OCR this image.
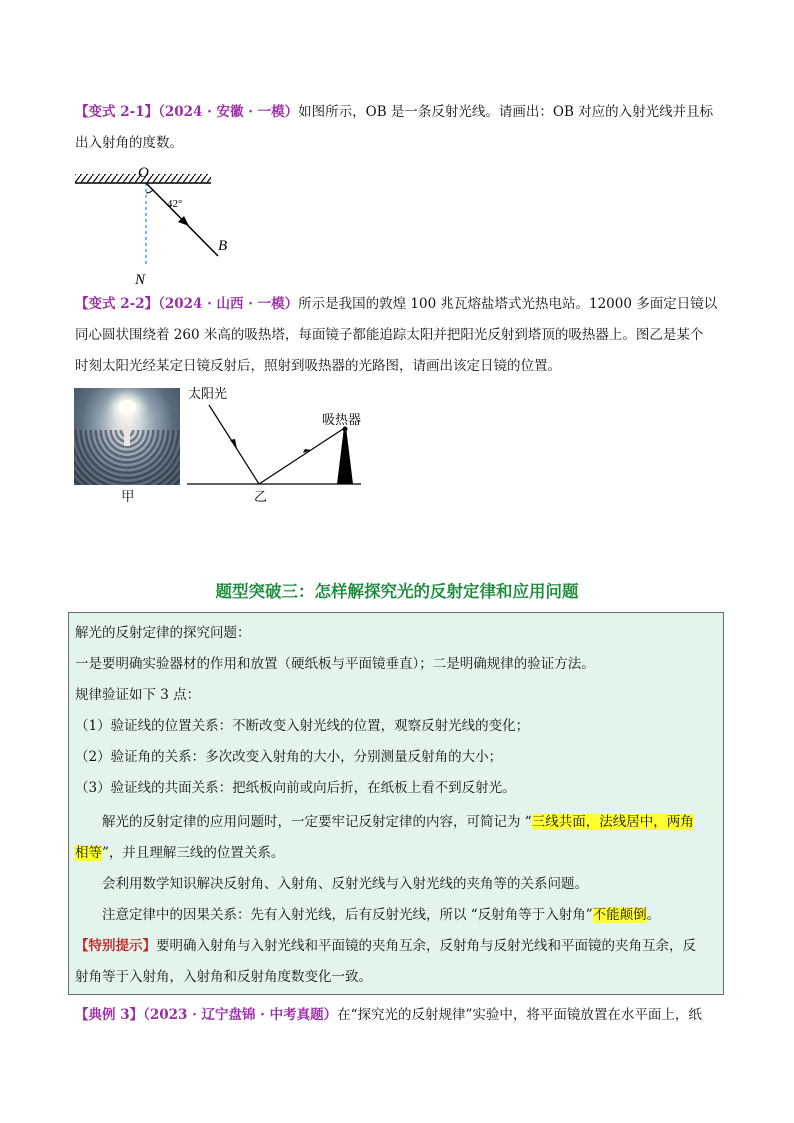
【变式 2-1】（2024 · 安徽 · 一模）如图所示，OB 是一条反射光线。请画出：OB 对应的入射光线并且标
出入射角的度数。
O
42°
B
N
【变式 2-2】（2024 · 山西 · 一模）所示是我国的敦煌 100 兆瓦熔盐塔式光热电站。12000 多面定日镜以
同心圆状围绕着 260 米高的吸热塔，每面镜子都能追踪太阳并把阳光反射到塔顶的吸热器上。图乙是某个
时刻太阳光经某定日镜反射后，照射到吸热器的光路图，请画出该定日镜的位置。
甲
太阳光
吸热器
乙
题型突破三：怎样解探究光的反射定律和应用问题
解光的反射定律的探究问题：
一是要明确实验器材的作用和放置（硬纸板与平面镜垂直）；二是明确规律的验证方法。
规律验证如下 3 点：
（1）验证线的位置关系：不断改变入射光线的位置，观察反射光线的变化；
（2）验证角的关系：多次改变入射角的大小，分别测量反射角的大小；
（3）验证线的共面关系：把纸板向前或向后折，在纸板上看不到反射光。
解光的反射定律的应用问题时，一定要牢记反射定律的内容，可简记为 “三线共面，法线居中，两角
相等”，并且理解三线的位置关系。
会利用数学知识解决反射角、入射角、反射光线与入射光线的夹角等的关系问题。
注意定律中的因果关系：先有入射光线，后有反射光线，所以 “反射角等于入射角”不能颠倒。
【特别提示】要明确入射角与入射光线和平面镜的夹角互余，反射角与反射光线和平面镜的夹角互余，反
射角等于入射角，入射角和反射角度数变化一致。
【典例 3】（2023 · 辽宁盘锦 · 中考真题）在“探究光的反射规律”实验中，将平面镜放置在水平面上，纸
